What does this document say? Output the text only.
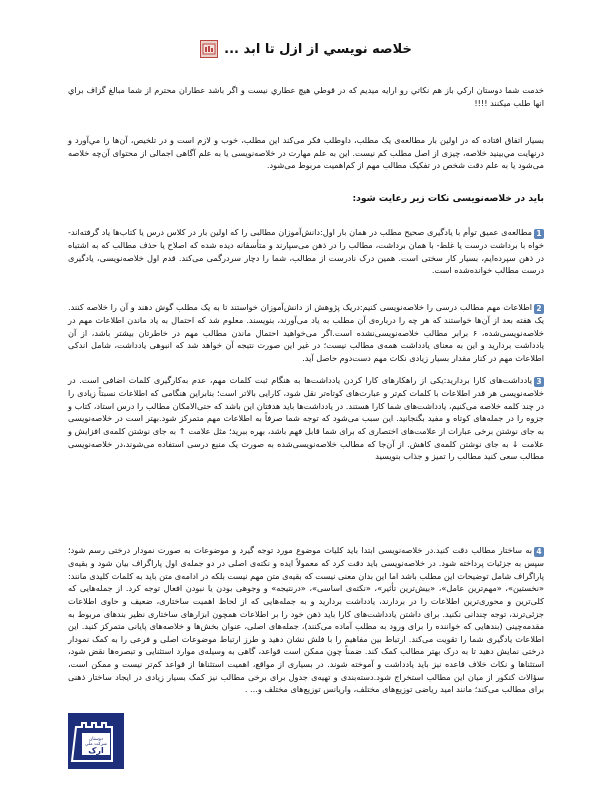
خلاصه نويسي از ازل تا ابد ...

خدمت شما دوستان اركي باز هم نكاتي رو ارايه ميديم كه در قوطي هيچ عطاري نيست و اگر باشد عطاران محترم از شما مبالغ گزاف براي انها طلب ميكنند !!!!

بسیار اتفاق افتاده که در اولین بار مطالعه‌ی یک مطلب، داوطلب فکر می‌کند این مطلب، خوب و لازم است و در تلخیص، آن‌ها را مي‌آورد و درنهایت مي‌بینيد خلاصه، چیزی از اصل مطلب کم نيست. اين به علم مهارت در خلاصه‌نويسی يا به علم آگاهی اجمالی از محتوای آن‌چه خلاصه می‌شود يا به علم دقت شخص در تفکيک مطالب مهم از کم‌اهميت مربوط می‌شود.

بايد در خلاصه‌نويسی نکات زير رعايت شود:

1مطالعه‌ی عميق توأم با يادگيری صحيح مطلب در همان بار اول:دانش‌آموزان مطالبی را که اولين بار در کلاس درس يا کتاب‌ها ياد گرفته‌اند- خواه با برداشت درست يا غلط- با همان برداشت، مطالب را در ذهن می‌سپارند و متأسفانه ديده شده که اصلاح يا حذف مطالب که به اشتباه در ذهن سپرده‌ايم، بسيار کار سختی است. همين درک نادرست از مطالب، شما را دچار سردرگمی می‌کند. قدم اول خلاصه‌نويسی، يادگيری درست مطالب خوانده‌شده است.

2اطلاعات مهم مطالب درسی را خلاصه‌نويسی کنيم:دريک پژوهش از دانش‌آموزان خواستند تا به يک مطلب گوش دهند و آن را خلاصه کنند. يک هفته بعد از آن‌ها خواستند که هر چه را درباره‌ی آن مطلب به ياد می‌آورند، بنويسند. معلوم شد که احتمال به ياد ماندن اطلاعات مهم در خلاصه‌نويسی‌شده، ۶ برابر مطالب خلاصه‌نويسی‌نشده است.اگر می‌خواهيد احتمال ماندن مطالب مهم در خاطرتان بيشتر باشد، از آن يادداشت برداريد و اين به معنای يادداشت همه‌ی مطالب نيست؛ در غير اين صورت نتيجه آن خواهد شد که انبوهی يادداشت، شامل اندکی اطلاعات مهم در کنار مقدار بسيار زيادی نکات مهم دست‌دوم حاصل آيد.

3يادداشت‌های کارا برداريد:يکی از راهکارهای کارا کردن يادداشت‌ها به هنگام ثبت کلمات مهم، عدم به‌کارگيری کلمات اضافی است. در خلاصه‌نويسی هر قدر اطلاعات با کلمات کم‌تر و عبارت‌های کوتاه‌تر نقل شود، کارايی بالاتر است؛ بنابراين هنگامی که اطلاعات نسبتاً زيادی را در چند کلمه خلاصه می‌کنيم، يادداشت‌های شما کارا هستند. در يادداشت‌ها بايد هدفتان اين باشد که حتی‌الامکان مطالب را درس استاد، کتاب و جزوه را در جمله‌های کوتاه و مفيد بگنجانيد. اين سبب می‌شود که توجه شما صرفاً به اطلاعات مهم متمرکز شود.بهتر است در خلاصه‌نويسی به جای نوشتن برخی عبارات از علامت‌های اختصاری که برای شما قابل فهم باشد، بهره ببريد؛ مثل علامت ↑ به جای نوشتن کلمه‌ی افزايش و علامت ↓ به جای نوشتن کلمه‌ی کاهش. از آن‌جا که مطالب خلاصه‌نويسی‌شده به صورت يک منبع درسی استفاده می‌شوند،در خلاصه‌نويسی مطالب سعی کنيد مطالب را تميز و جذاب بنويسيد

4به ساختار مطالب دقت کنيد.در خلاصه‌نويسی ابتدا بايد کليات موضوع مورد توجه گيرد و موضوعات به صورت نمودار درختی رسم شود؛ سپس به جزئيات پرداخته شود. در خلاصه‌نويسی بايد دقت کرد که معمولاً ايده و نکته‌ی اصلی در دو جمله‌ی اول پاراگراف بيان شود و بقيه‌ی پاراگراف شامل توضيحات اين مطلب باشد اما اين بدان معنی نيست که بقيه‌ی متن مهم نيست بلکه در ادامه‌ی متن بايد به کلمات کليدی مانند: «نخستين»، «مهم‌ترين عامل»، «بيش‌ترين تأثير»، «نکته‌ی اساسی»، «درنتيجه» و وجوهی بودن يا نبودن افعال توجه کرد. از جمله‌هايی که کلی‌ترين و محوری‌ترين اطلاعات را در بردارند، يادداشت برداريد و به جمله‌هايی که از لحاظ اهميت ساختاری، ضعيف و حاوی اطلاعات جزئی‌ترند، توجه چندانی نکنيد. برای داشتن يادداشت‌های کارا بايد ذهن خود را بر اطلاعات همچون ابزارهای ساختاری نظير بندهای مربوط به مقدمه‌چينی (بندهايی که خواننده را برای ورود به مطلب آماده می‌کنند)، جمله‌های اصلی، عنوان بخش‌ها و خلاصه‌های پايانی متمرکز کنيد. اين اطلاعات يادگيری شما را تقويت می‌کند. ارتباط بين مفاهيم را با فلش نشان دهيد و طرز ارتباط موضوعات اصلی و فرعی را به کمک نمودار درختی نمايش دهيد تا به درک بهتر مطالب کمک کند. ضمناً چون ممکن است قواعد، گاهی به وسيله‌ی موارد استثنايی و تبصره‌ها نقض شود، استثناها و نکات خلاف قاعده نيز بايد يادداشت و آموخته شوند. در بسياری از مواقع، اهميت استثناها از قواعد کم‌تر نيست و ممکن است، سؤالات کنکور از ميان اين مطالب استخراج شود.دسته‌بندی و تهيه‌ی جدول برای برخی مطالب نيز کمک بسيار زيادی در ايجاد ساختار ذهنی برای مطالب می‌کند؛ مانند اميد رياضی توزيع‌های مختلف، واريانس توزيع‌های مختلف و... .

دوستان
شرکت ملی
ارک
